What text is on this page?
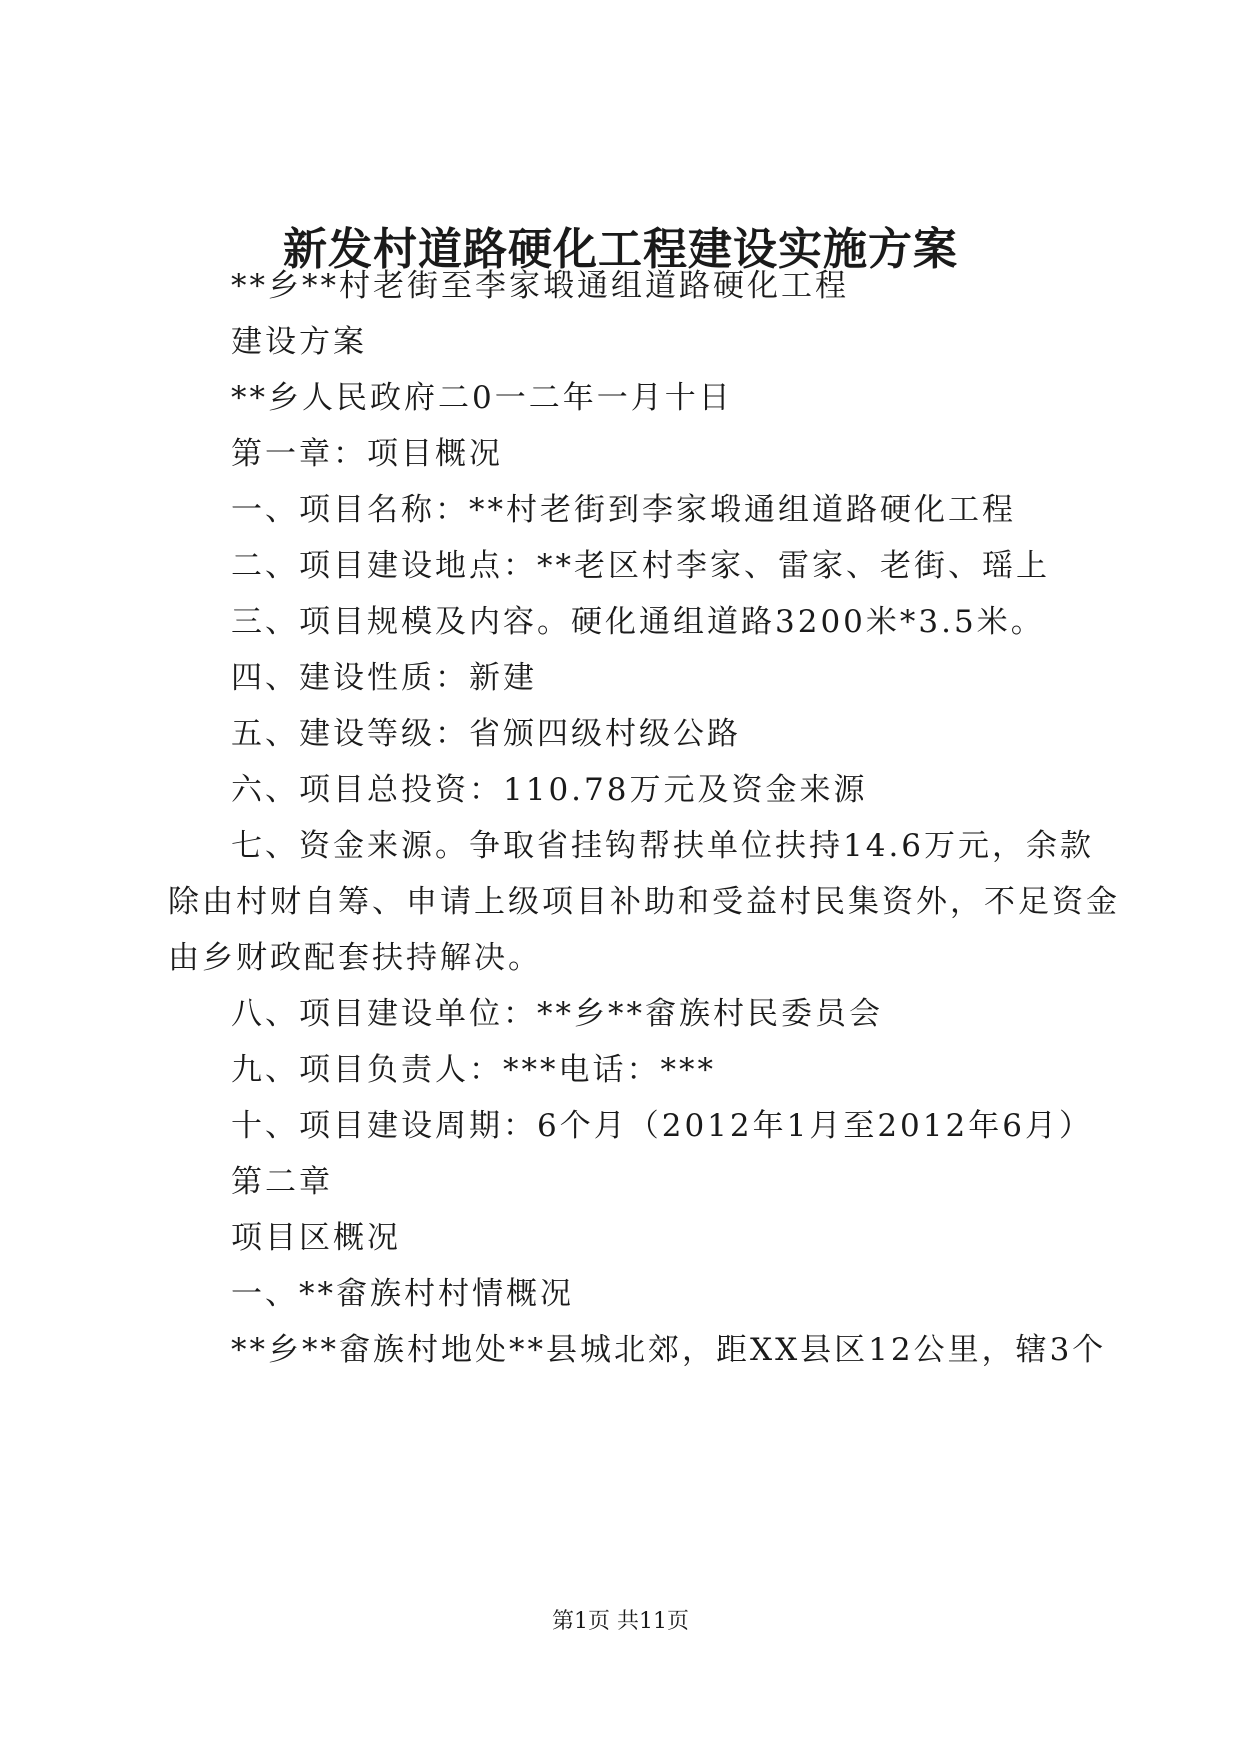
新发村道路硬化工程建设实施方案
**乡**村老街至李家塅通组道路硬化工程
建设方案
**乡人民政府二0一二年一月十日
第一章：项目概况
一、项目名称：**村老街到李家塅通组道路硬化工程
二、项目建设地点：**老区村李家、雷家、老街、瑶上
三、项目规模及内容。硬化通组道路3200米*3.5米。
四、建设性质：新建
五、建设等级：省颁四级村级公路
六、项目总投资：110.78万元及资金来源
七、资金来源。争取省挂钩帮扶单位扶持14.6万元，余款
除由村财自筹、申请上级项目补助和受益村民集资外，不足资金
由乡财政配套扶持解决。
八、项目建设单位：**乡**畲族村民委员会
九、项目负责人：***电话：***
十、项目建设周期：6个月（2012年1月至2012年6月）
第二章
项目区概况
一、**畲族村村情概况
**乡**畲族村地处**县城北郊，距XX县区12公里，辖3个
第1页 共11页
